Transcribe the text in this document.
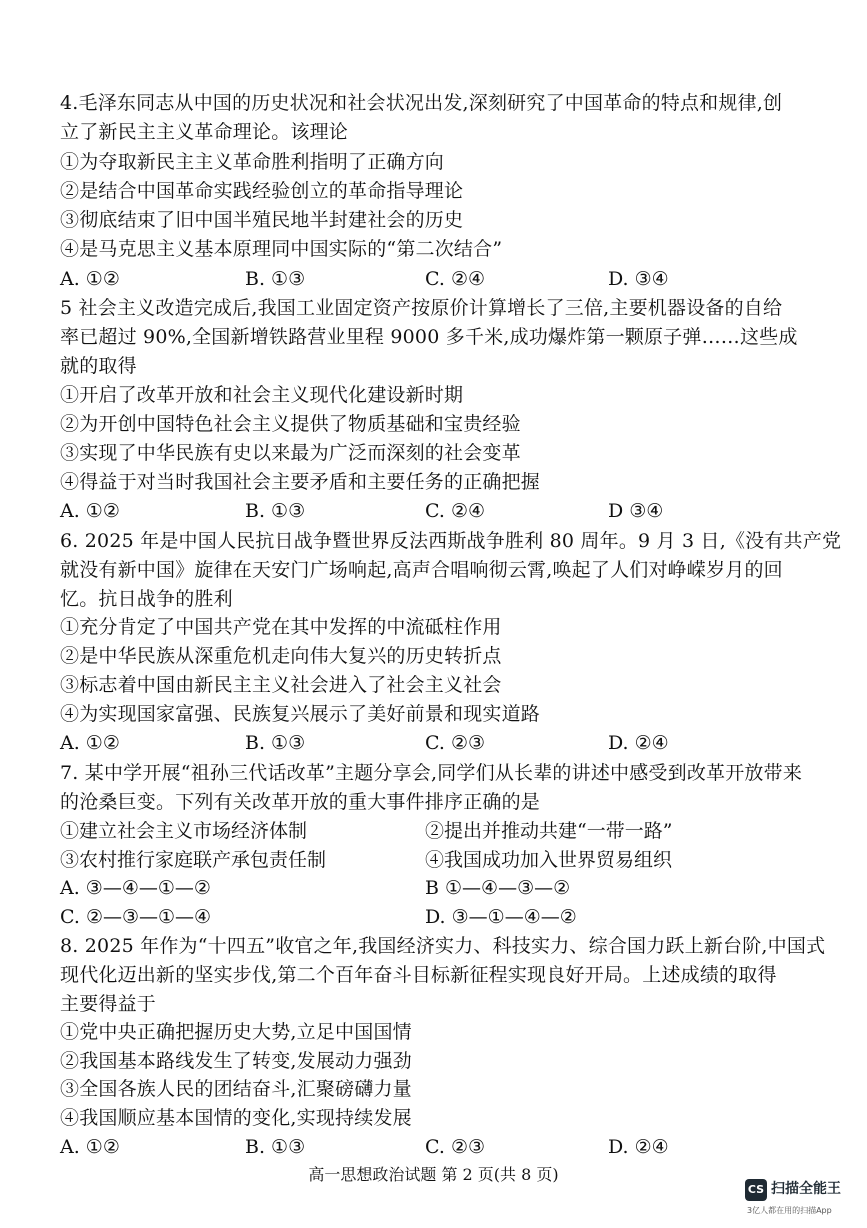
4.毛泽东同志从中国的历史状况和社会状况出发,深刻研究了中国革命的特点和规律,创
立了新民主主义革命理论。该理论
①为夺取新民主主义革命胜利指明了正确方向
②是结合中国革命实践经验创立的革命指导理论
③彻底结束了旧中国半殖民地半封建社会的历史
④是马克思主义基本原理同中国实际的“第二次结合”
A. ①②	B. ①③	C. ②④	D. ③④
5 社会主义改造完成后,我国工业固定资产按原价计算增长了三倍,主要机器设备的自给
率已超过 90%,全国新增铁路营业里程 9000 多千米,成功爆炸第一颗原子弹……这些成
就的取得
①开启了改革开放和社会主义现代化建设新时期
②为开创中国特色社会主义提供了物质基础和宝贵经验
③实现了中华民族有史以来最为广泛而深刻的社会变革
④得益于对当时我国社会主要矛盾和主要任务的正确把握
A. ①②	B. ①③	C. ②④	D ③④
6. 2025 年是中国人民抗日战争暨世界反法西斯战争胜利 80 周年。9 月 3 日,《没有共产党
就没有新中国》旋律在天安门广场响起,高声合唱响彻云霄,唤起了人们对峥嵘岁月的回
忆。抗日战争的胜利
①充分肯定了中国共产党在其中发挥的中流砥柱作用
②是中华民族从深重危机走向伟大复兴的历史转折点
③标志着中国由新民主主义社会进入了社会主义社会
④为实现国家富强、民族复兴展示了美好前景和现实道路
A. ①②	B. ①③	C. ②③	D. ②④
7. 某中学开展“祖孙三代话改革”主题分享会,同学们从长辈的讲述中感受到改革开放带来
的沧桑巨变。下列有关改革开放的重大事件排序正确的是
①建立社会主义市场经济体制	②提出并推动共建“一带一路”
③农村推行家庭联产承包责任制	④我国成功加入世界贸易组织
A. ③—④—①—②	B ①—④—③—②
C. ②—③—①—④	D. ③—①—④—②
8. 2025 年作为“十四五”收官之年,我国经济实力、科技实力、综合国力跃上新台阶,中国式
现代化迈出新的坚实步伐,第二个百年奋斗目标新征程实现良好开局。上述成绩的取得
主要得益于
①党中央正确把握历史大势,立足中国国情
②我国基本路线发生了转变,发展动力强劲
③全国各族人民的团结奋斗,汇聚磅礴力量
④我国顺应基本国情的变化,实现持续发展
A. ①②	B. ①③	C. ②③	D. ②④
高一思想政治试题 第 2 页(共 8 页)
CS 扫描全能王
3亿人都在用的扫描App
